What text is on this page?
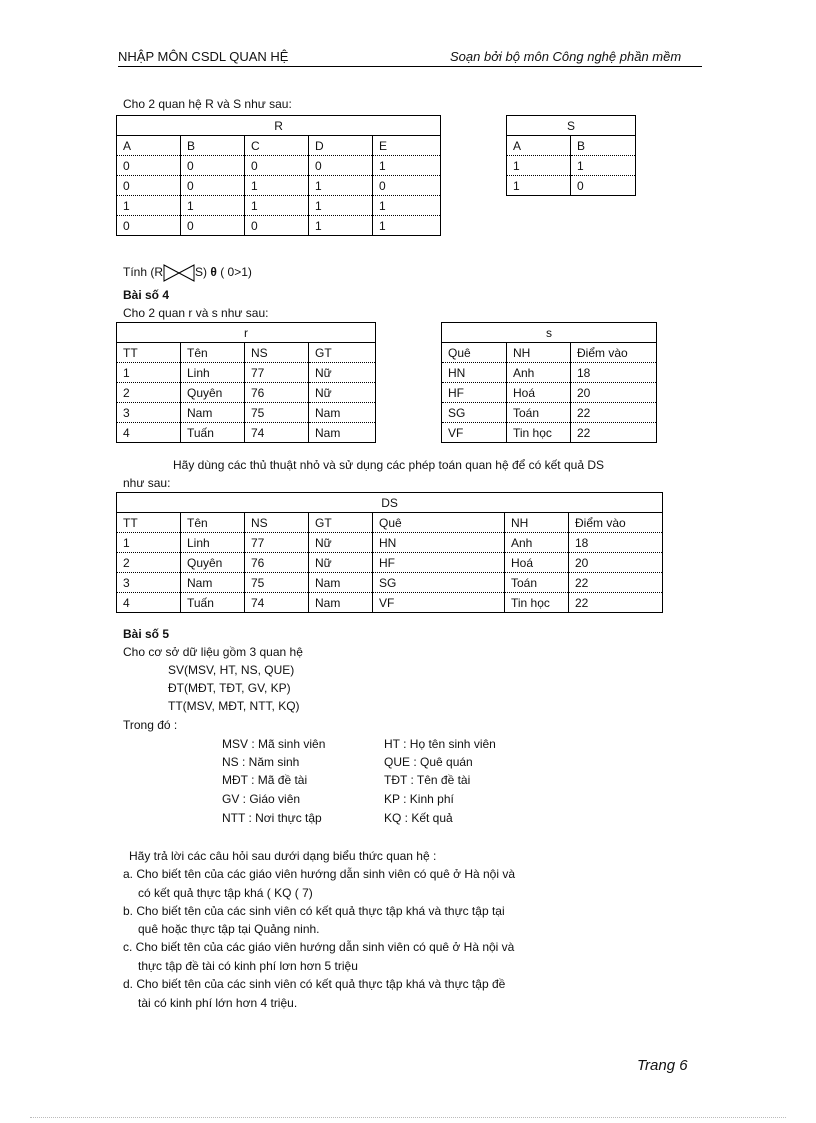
NHẬP MÔN CSDL QUAN HỆ	Soạn bởi bộ môn Công nghệ phần mềm
Cho 2 quan hệ R và S như sau:
R				
A	B	C	D	E
0	0	0	0	1
0	0	1	1	0
1	1	1	1	1
0	0	0	1	1
S	
A	B
1	1
1	0
Tính (R	S) θ ( 0>1)
Bài số 4
Cho 2 quan r và s như sau:
r			
TT	Tên	NS	GT
1	Linh	77	Nữ
2	Quyên	76	Nữ
3	Nam	75	Nam
4	Tuấn	74	Nam
s		
Quê	NH	Điểm vào
HN	Anh	18
HF	Hoá	20
SG	Toán	22
VF	Tin học	22
Hãy dùng các thủ thuật nhỏ và sử dụng các phép toán quan hệ để có kết quả DS
như sau:
DS						
TT	Tên	NS	GT	Quê	NH	Điểm vào
1	Linh	77	Nữ	HN	Anh	18
2	Quyên	76	Nữ	HF	Hoá	20
3	Nam	75	Nam	SG	Toán	22
4	Tuấn	74	Nam	VF	Tin học	22
Bài số 5
Cho cơ sở dữ liệu gồm 3 quan hệ
SV(MSV, HT, NS, QUE)
ĐT(MĐT, TĐT, GV, KP)
TT(MSV, MĐT, NTT, KQ)
Trong đó :
MSV : Mã sinh viên	HT : Họ tên sinh viên
NS : Năm sinh	QUE : Quê quán
MĐT : Mã đề tài	TĐT : Tên đề tài
GV : Giáo viên	KP : Kinh phí
NTT : Nơi thực tập	KQ : Kết quả
Hãy trả lời các câu hỏi sau dưới dạng biểu thức quan hệ :
a. Cho biết tên của các giáo viên hướng dẫn sinh viên có quê ở Hà nội và
có kết quả thực tập khá ( KQ ( 7)
b. Cho biết tên của các sinh viên có kết quả thực tập khá và thực tập tại
quê hoặc thực tập tại Quảng ninh.
c. Cho biết tên của các giáo viên hướng dẫn sinh viên có quê ở Hà nội và
thực tập đề tài có kinh phí lơn hơn 5 triệu
d. Cho biết tên của các sinh viên có kết quả thực tập khá và thực tập đề
tài có kinh phí lớn hơn 4 triệu.
Trang 6
